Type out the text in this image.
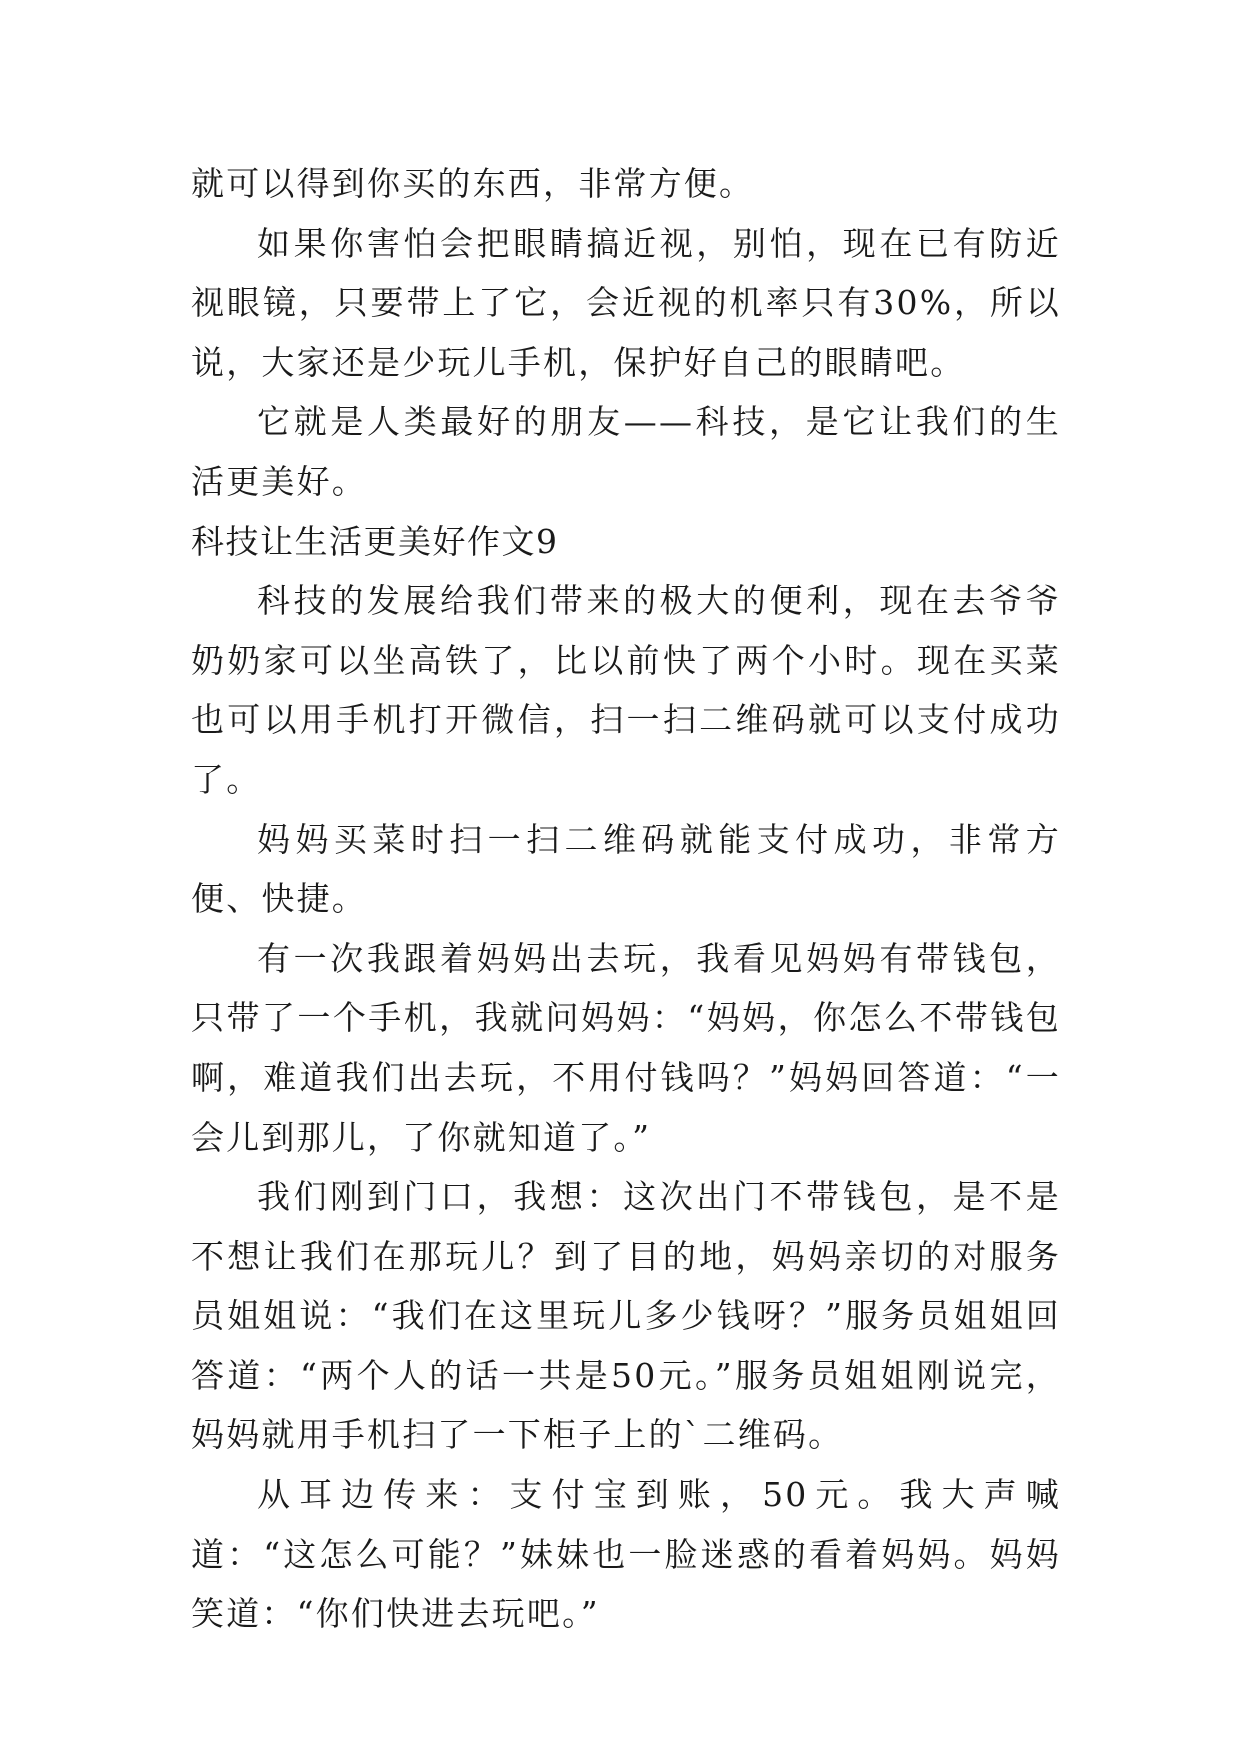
就可以得到你买的东西，非常方便。

如果你害怕会把眼睛搞近视，别怕，现在已有防近视眼镜，只要带上了它，会近视的机率只有30%，所以说，大家还是少玩儿手机，保护好自己的眼睛吧。

它就是人类最好的朋友——科技，是它让我们的生活更美好。

科技让生活更美好作文9

科技的发展给我们带来的极大的便利，现在去爷爷奶奶家可以坐高铁了，比以前快了两个小时。现在买菜也可以用手机打开微信，扫一扫二维码就可以支付成功了。

妈妈买菜时扫一扫二维码就能支付成功，非常方便、快捷。

有一次我跟着妈妈出去玩，我看见妈妈有带钱包，只带了一个手机，我就问妈妈：“妈妈，你怎么不带钱包啊，难道我们出去玩，不用付钱吗？”妈妈回答道：“一会儿到那儿，了你就知道了。”

我们刚到门口，我想：这次出门不带钱包，是不是不想让我们在那玩儿？到了目的地，妈妈亲切的对服务员姐姐说：“我们在这里玩儿多少钱呀？”服务员姐姐回答道：“两个人的话一共是50元。”服务员姐姐刚说完，妈妈就用手机扫了一下柜子上的`二维码。

从耳边传来：支付宝到账，50元。我大声喊道：“这怎么可能？”妹妹也一脸迷惑的看着妈妈。妈妈笑道：“你们快进去玩吧。”
